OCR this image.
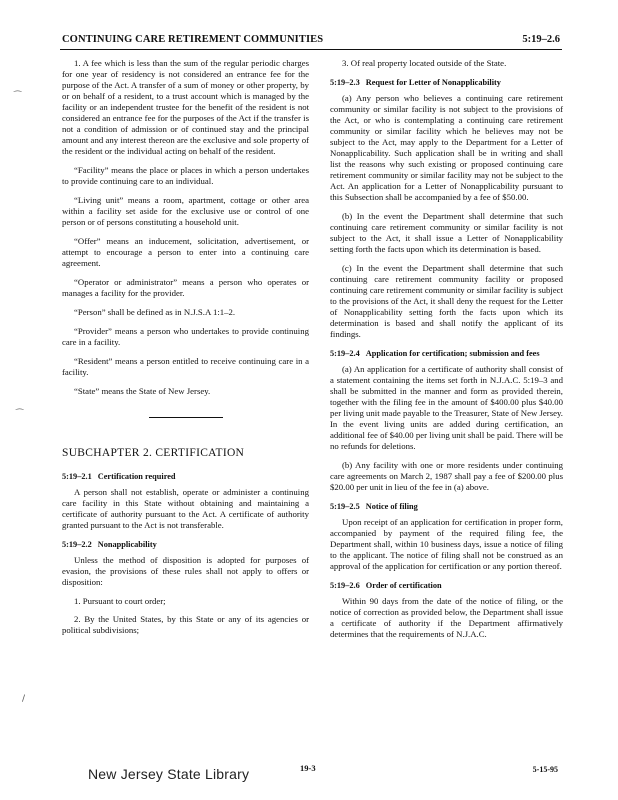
CONTINUING CARE RETIREMENT COMMUNITIES	5:19–2.6
⁀
⁀
/

1. A fee which is less than the sum of the regular periodic charges for one year of residency is not considered an entrance fee for the purpose of the Act. A transfer of a sum of money or other property, by or on behalf of a resident, to a trust account which is managed by the facility or an independent trustee for the benefit of the resident is not considered an entrance fee for the purposes of the Act if the transfer is not a condition of admission or of continued stay and the principal amount and any interest thereon are the exclusive and sole property of the resident or the individual acting on behalf of the resident.

“Facility” means the place or places in which a person undertakes to provide continuing care to an individual.

“Living unit” means a room, apartment, cottage or other area within a facility set aside for the exclusive use or control of one person or of persons constituting a household unit.

“Offer” means an inducement, solicitation, advertisement, or attempt to encourage a person to enter into a continuing care agreement.

“Operator or administrator” means a person who operates or manages a facility for the provider.

“Person” shall be defined as in N.J.S.A 1:1–2.

“Provider” means a person who undertakes to provide continuing care in a facility.

“Resident” means a person entitled to receive continuing care in a facility.

“State” means the State of New Jersey.

SUBCHAPTER 2. CERTIFICATION
5:19–2.1 Certification required

A person shall not establish, operate or administer a continuing care facility in this State without obtaining and maintaining a certificate of authority pursuant to the Act. A certificate of authority granted pursuant to the Act is not transferable.

5:19–2.2 Nonapplicability

Unless the method of disposition is adopted for purposes of evasion, the provisions of these rules shall not apply to offers or disposition:

1. Pursuant to court order;

2. By the United States, by this State or any of its agencies or political subdivisions;

3. Of real property located outside of the State.

5:19–2.3 Request for Letter of Nonapplicability

(a) Any person who believes a continuing care retirement community or similar facility is not subject to the provisions of the Act, or who is contemplating a continuing care retirement community or similar facility which he believes may not be subject to the Act, may apply to the Department for a Letter of Nonapplicability. Such application shall be in writing and shall list the reasons why such existing or proposed continuing care retirement community or similar facility may not be subject to the Act. An application for a Letter of Nonapplicability pursuant to this Subsection shall be accompanied by a fee of $50.00.

(b) In the event the Department shall determine that such continuing care retirement community or similar facility is not subject to the Act, it shall issue a Letter of Nonapplicability setting forth the facts upon which its determination is based.

(c) In the event the Department shall determine that such continuing care retirement community facility or proposed continuing care retirement community or similar facility is subject to the provisions of the Act, it shall deny the request for the Letter of Nonapplicability setting forth the facts upon which its determination is based and shall notify the applicant of its findings.

5:19–2.4 Application for certification; submission and fees

(a) An application for a certificate of authority shall consist of a statement containing the items set forth in N.J.A.C. 5:19–3 and shall be submitted in the manner and form as provided therein, together with the filing fee in the amount of $400.00 plus $40.00 per living unit made payable to the Treasurer, State of New Jersey. In the event living units are added during certification, an additional fee of $40.00 per living unit shall be paid. There will be no refunds for deletions.

(b) Any facility with one or more residents under continuing care agreements on March 2, 1987 shall pay a fee of $200.00 plus $20.00 per unit in lieu of the fee in (a) above.

5:19–2.5 Notice of filing

Upon receipt of an application for certification in proper form, accompanied by payment of the required filing fee, the Department shall, within 10 business days, issue a notice of filing to the applicant. The notice of filing shall not be construed as an approval of the application for certification or any portion thereof.

5:19–2.6 Order of certification

Within 90 days from the date of the notice of filing, or the notice of correction as provided below, the Department shall issue a certificate of authority if the Department affirmatively determines that the requirements of N.J.A.C.

New Jersey State Library	19-3	5-15-95
